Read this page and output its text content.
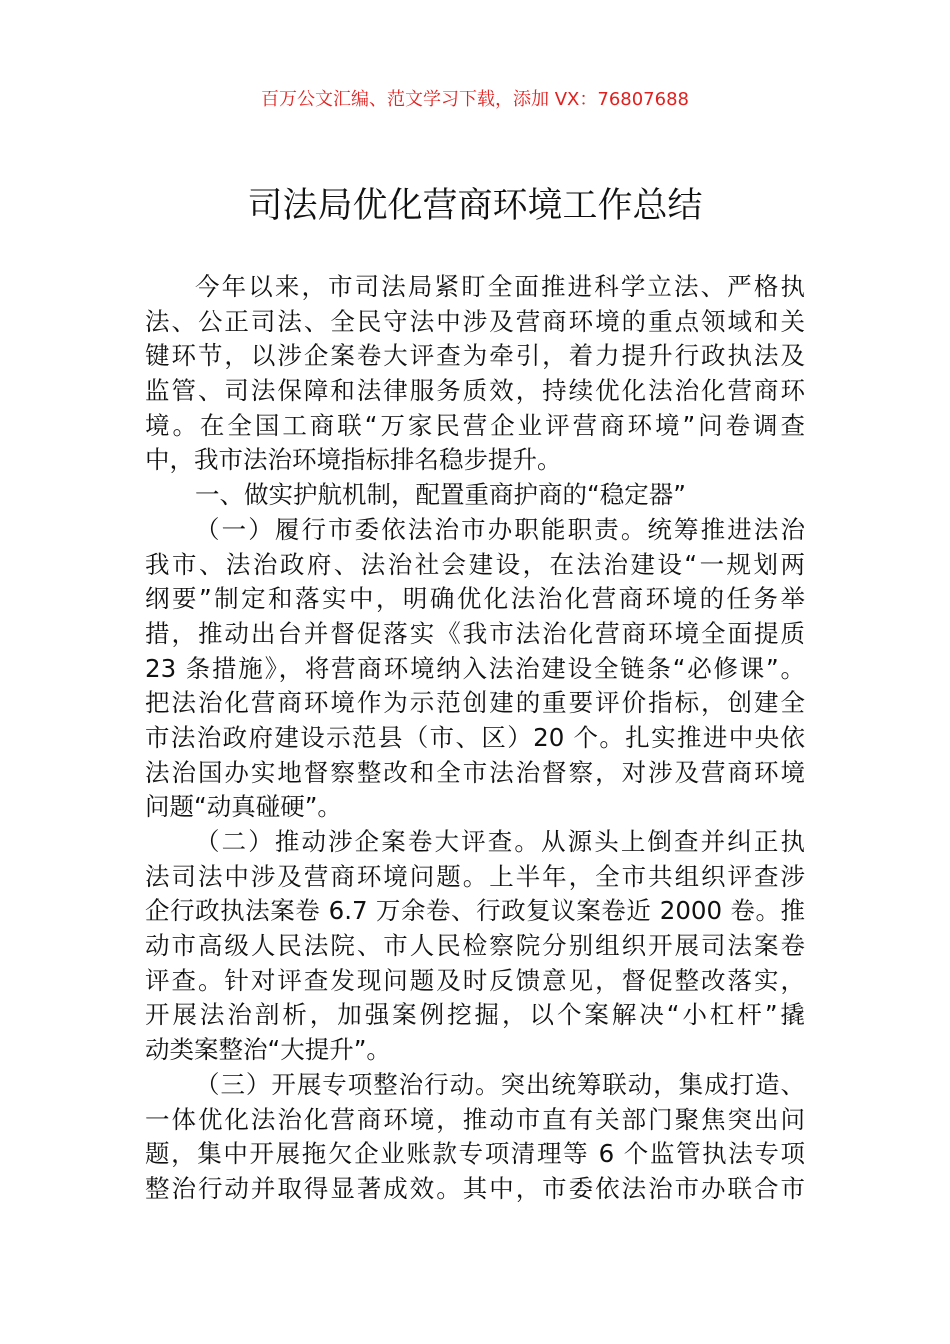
百万公文汇编、范文学习下载，添加 VX：76807688
司法局优化营商环境工作总结
今年以来，市司法局紧盯全面推进科学立法、严格执
法、公正司法、全民守法中涉及营商环境的重点领域和关
键环节，以涉企案卷大评查为牵引，着力提升行政执法及
监管、司法保障和法律服务质效，持续优化法治化营商环
境。在全国工商联“万家民营企业评营商环境”问卷调查
中，我市法治环境指标排名稳步提升。
一、做实护航机制，配置重商护商的“稳定器”
（一）履行市委依法治市办职能职责。统筹推进法治
我市、法治政府、法治社会建设，在法治建设“一规划两
纲要”制定和落实中，明确优化法治化营商环境的任务举
措，推动出台并督促落实《我市法治化营商环境全面提质
23 条措施》，将营商环境纳入法治建设全链条“必修课”。
把法治化营商环境作为示范创建的重要评价指标，创建全
市法治政府建设示范县（市、区）20 个。扎实推进中央依
法治国办实地督察整改和全市法治督察，对涉及营商环境
问题“动真碰硬”。
（二）推动涉企案卷大评查。从源头上倒查并纠正执
法司法中涉及营商环境问题。上半年，全市共组织评查涉
企行政执法案卷 6.7 万余卷、行政复议案卷近 2000 卷。推
动市高级人民法院、市人民检察院分别组织开展司法案卷
评查。针对评查发现问题及时反馈意见，督促整改落实，
开展法治剖析，加强案例挖掘，以个案解决“小杠杆”撬
动类案整治“大提升”。
（三）开展专项整治行动。突出统筹联动，集成打造、
一体优化法治化营商环境，推动市直有关部门聚焦突出问
题，集中开展拖欠企业账款专项清理等 6 个监管执法专项
整治行动并取得显著成效。其中，市委依法治市办联合市
